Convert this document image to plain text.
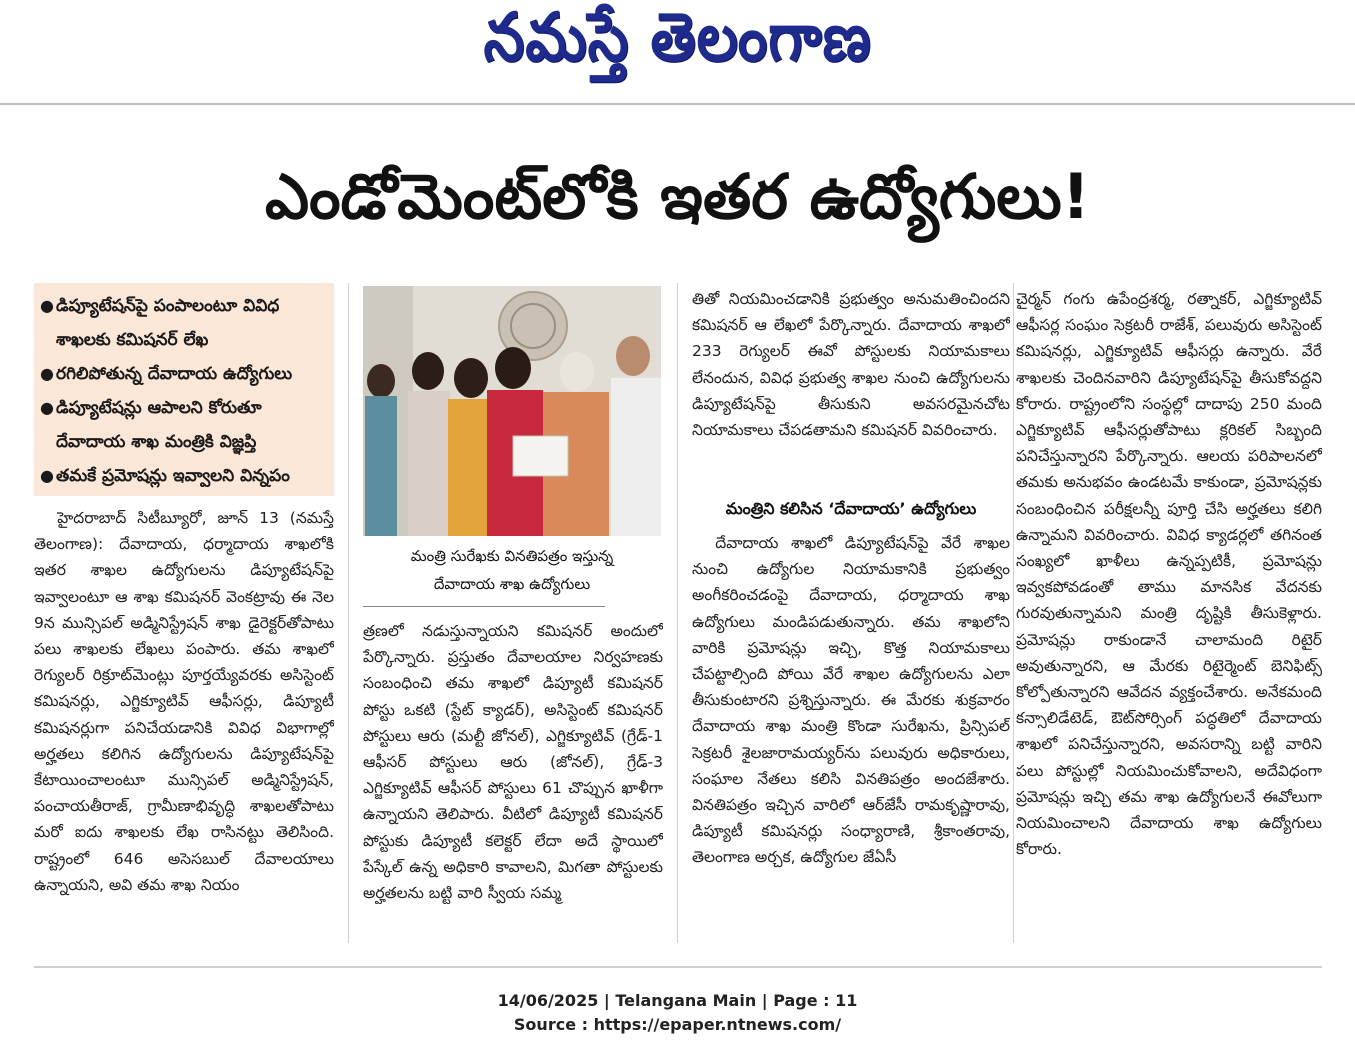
నమస్తే తెలంగాణ
ఎండోమెంట్‌లోకి ఇతర ఉద్యోగులు!
● డిప్యూటేషన్‌పై పంపాలంటూ వివిధ శాఖలకు కమిషనర్ లేఖ
● రగిలిపోతున్న దేవాదాయ ఉద్యోగులు
● డిప్యూటేషన్లు ఆపాలని కోరుతూ దేవాదాయ శాఖ మంత్రికి విజ్ఞప్తి
● తమకే ప్రమోషన్లు ఇవ్వాలని విన్నపం

హైదరాబాద్ సిటీబ్యూరో, జూన్ 13 (నమస్తే తెలంగాణ): దేవాదాయ, ధర్మాదాయ శాఖలోకి ఇతర శాఖల ఉద్యోగులను డిప్యూటేషన్‌పై ఇవ్వాలంటూ ఆ శాఖ కమిషనర్ వెంకట్రావు ఈ నెల 9న మున్సిపల్ అడ్మినిస్ట్రేషన్ శాఖ డైరెక్టర్‌తోపాటు పలు శాఖలకు లేఖలు పంపారు. తమ శాఖలో రెగ్యులర్ రిక్రూట్‌మెంట్లు పూర్తయ్యేవరకు అసిస్టెంట్ కమిషనర్లు, ఎగ్జిక్యూటివ్ ఆఫీసర్లు, డిప్యూటీ కమిషనర్లుగా పనిచేయడానికి వివిధ విభాగాల్లో అర్హతలు కలిగిన ఉద్యోగులను డిప్యూటేషన్‌పై కేటాయించాలంటూ మున్సిపల్ అడ్మినిస్ట్రేషన్, పంచాయతీరాజ్, గ్రామీణాభివృద్ధి శాఖలతోపాటు మరో ఐదు శాఖలకు లేఖ రాసినట్టు తెలిసింది. రాష్ట్రంలో 646 అసెసబుల్ దేవాలయాలు ఉన్నాయని, అవి తమ శాఖ నియం

మంత్రి సురేఖకు వినతిపత్రం ఇస్తున్న
దేవాదాయ శాఖ ఉద్యోగులు

త్రణలో నడుస్తున్నాయని కమిషనర్ అందులో పేర్కొన్నారు. ప్రస్తుతం దేవాలయాల నిర్వహణకు సంబంధించి తమ శాఖలో డిప్యూటీ కమిషనర్ పోస్టు ఒకటి (స్టేట్ క్యాడర్), అసిస్టెంట్ కమిషనర్ పోస్టులు ఆరు (మల్టీ జోనల్), ఎగ్జిక్యూటివ్ (గ్రేడ్-1 ఆఫీసర్ పోస్టులు ఆరు (జోనల్), గ్రేడ్-3 ఎగ్జిక్యూటివ్ ఆఫీసర్ పోస్టులు 61 చొప్పున ఖాళీగా ఉన్నాయని తెలిపారు. వీటిలో డిప్యూటీ కమిషనర్ పోస్టుకు డిప్యూటీ కలెక్టర్ లేదా అదే స్థాయిలో పేస్కేల్ ఉన్న అధికారి కావాలని, మిగతా పోస్టులకు అర్హతలను బట్టి వారి స్వీయ సమ్మ

తితో నియమించడానికి ప్రభుత్వం అనుమతించిందని కమిషనర్ ఆ లేఖలో పేర్కొన్నారు. దేవాదాయ శాఖలో 233 రెగ్యులర్ ఈవో పోస్టులకు నియామకాలు లేనందున, వివిధ ప్రభుత్వ శాఖల నుంచి ఉద్యోగులను డిప్యూటేషన్‌పై తీసుకుని అవసరమైనచోట నియామకాలు చేపడతామని కమిషనర్ వివరించారు.

మంత్రిని కలిసిన ‘దేవాదాయ’ ఉద్యోగులు

దేవాదాయ శాఖలో డిప్యూటేషన్‌పై వేరే శాఖల నుంచి ఉద్యోగుల నియామకానికి ప్రభుత్వం అంగీకరించడంపై దేవాదాయ, ధర్మాదాయ శాఖ ఉద్యోగులు మండిపడుతున్నారు. తమ శాఖలోని వారికి ప్రమోషన్లు ఇచ్చి, కొత్త నియామకాలు చేపట్టాల్సింది పోయి వేరే శాఖల ఉద్యోగులను ఎలా తీసుకుంటారని ప్రశ్నిస్తున్నారు. ఈ మేరకు శుక్రవారం దేవాదాయ శాఖ మంత్రి కొండా సురేఖను, ప్రిన్సిపల్ సెక్రటరీ శైలజారామయ్యర్‌ను పలువురు అధికారులు, సంఘాల నేతలు కలిసి వినతిపత్రం అందజేశారు. వినతిపత్రం ఇచ్చిన వారిలో ఆర్‌జేసీ రామకృష్ణారావు, డిప్యూటీ కమిషనర్లు సంధ్యారాణి, శ్రీకాంతరావు, తెలంగాణ అర్చక, ఉద్యోగుల జేఏసీ

చైర్మన్ గంగు ఉపేంద్రశర్మ, రత్నాకర్, ఎగ్జిక్యూటివ్ ఆఫీసర్ల సంఘం సెక్రటరీ రాజేశ్, పలువురు అసిస్టెంట్ కమిషనర్లు, ఎగ్జిక్యూటివ్ ఆఫీసర్లు ఉన్నారు. వేరే శాఖలకు చెందినవారిని డిప్యూటేషన్‌పై తీసుకోవద్దని కోరారు. రాష్ట్రంలోని సంస్థల్లో దాదాపు 250 మంది ఎగ్జిక్యూటివ్ ఆఫీసర్లుతోపాటు క్లరికల్ సిబ్బంది పనిచేస్తున్నారని పేర్కొన్నారు. ఆలయ పరిపాలనలో తమకు అనుభవం ఉండటమే కాకుండా, ప్రమోషన్లకు సంబంధించిన పరీక్షలన్నీ పూర్తి చేసి అర్హతలు కలిగి ఉన్నామని వివరించారు. వివిధ క్యాడర్లలో తగినంత సంఖ్యలో ఖాళీలు ఉన్నప్పటికీ, ప్రమోషన్లు ఇవ్వకపోవడంతో తాము మానసిక వేదనకు గురవుతున్నామని మంత్రి దృష్టికి తీసుకెళ్లారు. ప్రమోషన్లు రాకుండానే చాలామంది రిటైర్ అవుతున్నారని, ఆ మేరకు రిటైర్మెంట్ బెనిఫిట్స్ కోల్పోతున్నారని ఆవేదన వ్యక్తంచేశారు. అనేకమంది కన్సాలిడేటెడ్, ఔట్‌సోర్సింగ్ పద్ధతిలో దేవాదాయ శాఖలో పనిచేస్తున్నారని, అవసరాన్ని బట్టి వారిని పలు పోస్టుల్లో నియమించుకోవాలని, అదేవిధంగా ప్రమోషన్లు ఇచ్చి తమ శాఖ ఉద్యోగులనే ఈవోలుగా నియమించాలని దేవాదాయ శాఖ ఉద్యోగులు కోరారు.

14/06/2025 | Telangana Main | Page : 11
Source : https://epaper.ntnews.com/
